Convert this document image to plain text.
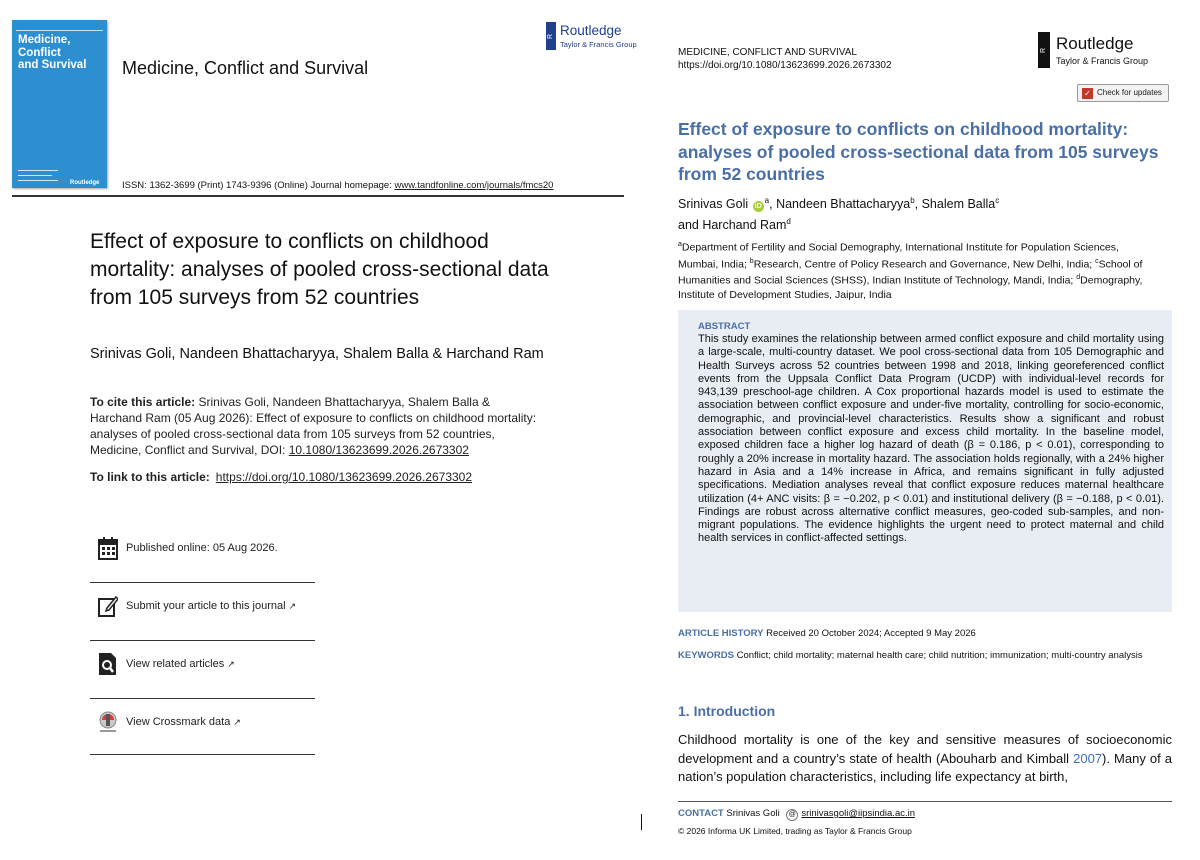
Medicine,
Conflict
and Survival
Routledge
Medicine, Conflict and Survival
R Routledge
Taylor & Francis Group
ISSN: 1362-3699 (Print) 1743-9396 (Online) Journal homepage: www.tandfonline.com/journals/fmcs20
Effect of exposure to conflicts on childhood mortality: analyses of pooled cross-sectional data from 105 surveys from 52 countries
Srinivas Goli, Nandeen Bhattacharyya, Shalem Balla & Harchand Ram
To cite this article: Srinivas Goli, Nandeen Bhattacharyya, Shalem Balla & Harchand Ram (05 Aug 2026): Effect of exposure to conflicts on childhood mortality: analyses of pooled cross-sectional data from 105 surveys from 52 countries, Medicine, Conflict and Survival, DOI: 10.1080/13623699.2026.2673302
To link to this article: https://doi.org/10.1080/13623699.2026.2673302
Published online: 05 Aug 2026.
Submit your article to this journal ↗
View related articles ↗
View Crossmark data ↗
MEDICINE, CONFLICT AND SURVIVAL
https://doi.org/10.1080/13623699.2026.2673302
R Routledge
Taylor & Francis Group
✓ Check for updates
Effect of exposure to conflicts on childhood mortality: analyses of pooled cross-sectional data from 105 surveys from 52 countries
Srinivas Goli $iD^a$, Nandeen Bhattacharyya$^b$, Shalem Balla$^c$
and Harchand Ram$^d$
$^a$Department of Fertility and Social Demography, International Institute for Population Sciences, Mumbai, India; $^b$Research, Centre of Policy Research and Governance, New Delhi, India; $^c$School of Humanities and Social Sciences (SHSS), Indian Institute of Technology, Mandi, India; $^d$Demography, Institute of Development Studies, Jaipur, India
ABSTRACT
This study examines the relationship between armed conflict exposure and child mortality using a large-scale, multi-country dataset. We pool cross-sectional data from 105 Demographic and Health Surveys across 52 countries between 1998 and 2018, linking georeferenced conflict events from the Uppsala Conflict Data Program (UCDP) with individual-level records for 943,139 preschool-age children. A Cox proportional hazards model is used to estimate the association between conflict exposure and under-five mortality, controlling for socio-economic, demographic, and provincial-level characteristics. Results show a significant and robust association between conflict exposure and excess child mortality. In the baseline model, exposed children face a higher log hazard of death (β = 0.186, p < 0.01), corresponding to roughly a 20% increase in mortality hazard. The association holds regionally, with a 24% higher hazard in Asia and a 14% increase in Africa, and remains significant in fully adjusted specifications. Mediation analyses reveal that conflict exposure reduces maternal healthcare utilization (4+ ANC visits: β = −0.202, p < 0.01) and institutional delivery (β = −0.188, p < 0.01). Findings are robust across alternative conflict measures, geo-coded sub-samples, and non-migrant populations. The evidence highlights the urgent need to protect maternal and child health services in conflict-affected settings.
ARTICLE HISTORY Received 20 October 2024; Accepted 9 May 2026
KEYWORDS Conflict; child mortality; maternal health care; child nutrition; immunization; multi-country analysis
1. Introduction
Childhood mortality is one of the key and sensitive measures of socioeconomic development and a country’s state of health (Abouharb and Kimball 2007). Many of a nation’s population characteristics, including life expectancy at birth,
CONTACT Srinivas Goli @ srinivasgoli@iipsindia.ac.in
© 2026 Informa UK Limited, trading as Taylor & Francis Group
